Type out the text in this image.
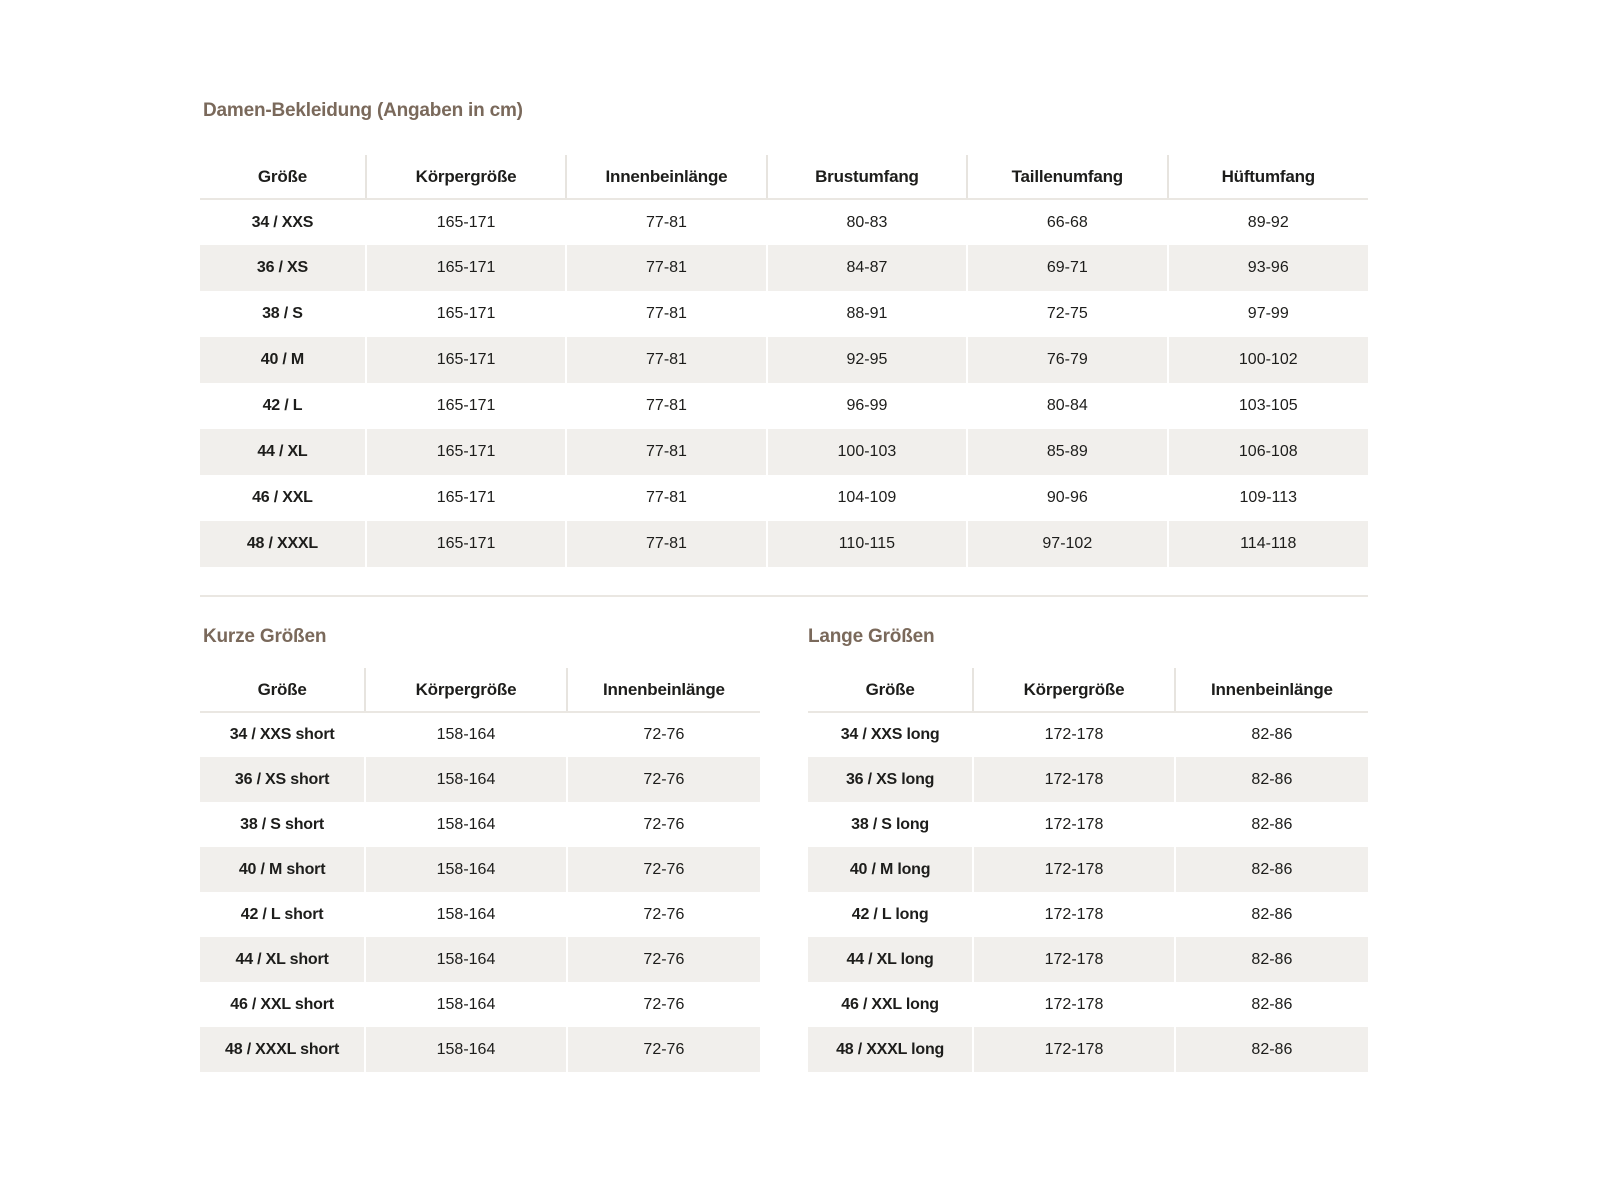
Damen-Bekleidung (Angaben in cm)
Größe	Körpergröße	Innenbeinlänge	Brustumfang	Taillenumfang	Hüftumfang
34 / XXS	165-171	77-81	80-83	66-68	89-92
36 / XS	165-171	77-81	84-87	69-71	93-96
38 / S	165-171	77-81	88-91	72-75	97-99
40 / M	165-171	77-81	92-95	76-79	100-102
42 / L	165-171	77-81	96-99	80-84	103-105
44 / XL	165-171	77-81	100-103	85-89	106-108
46 / XXL	165-171	77-81	104-109	90-96	109-113
48 / XXXL	165-171	77-81	110-115	97-102	114-118
Kurze Größen	Lange Größen
Größe	Körpergröße	Innenbeinlänge
34 / XXS short	158-164	72-76
36 / XS short	158-164	72-76
38 / S short	158-164	72-76
40 / M short	158-164	72-76
42 / L short	158-164	72-76
44 / XL short	158-164	72-76
46 / XXL short	158-164	72-76
48 / XXXL short	158-164	72-76
Größe	Körpergröße	Innenbeinlänge
34 / XXS long	172-178	82-86
36 / XS long	172-178	82-86
38 / S long	172-178	82-86
40 / M long	172-178	82-86
42 / L long	172-178	82-86
44 / XL long	172-178	82-86
46 / XXL long	172-178	82-86
48 / XXXL long	172-178	82-86
